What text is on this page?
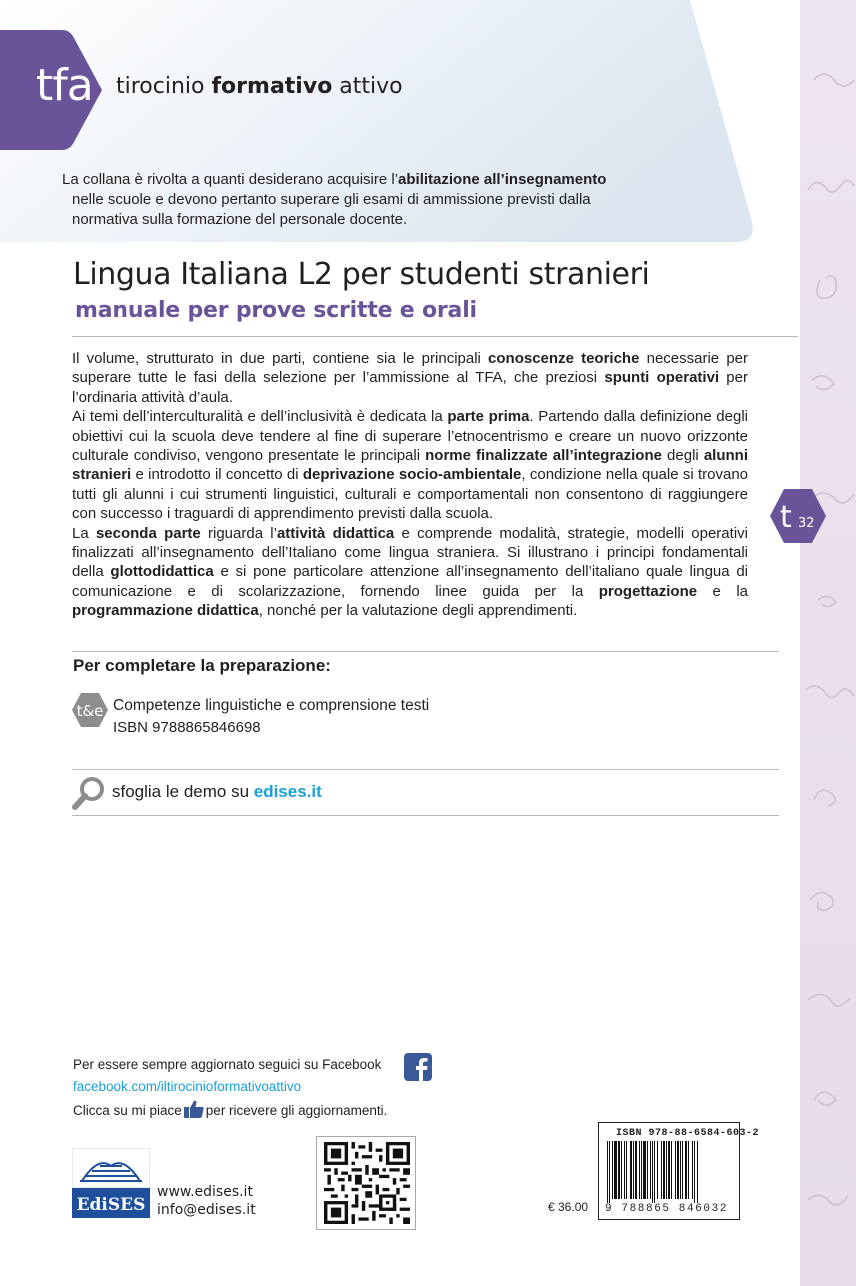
tfa tirocinio formativo attivo
La collana è rivolta a quanti desiderano acquisire l’abilitazione all’insegnamento
nelle scuole e devono pertanto superare gli esami di ammissione previsti dalla
normativa sulla formazione del personale docente.
Lingua Italiana L2 per studenti stranieri
manuale per prove scritte e orali

Il volume, strutturato in due parti, contiene sia le principali conoscenze teoriche necessarie per superare tutte le fasi della selezione per l’ammissione al TFA, che preziosi spunti operativi per l’ordinaria attività d’aula.

Ai temi dell’interculturalità e dell’inclusività è dedicata la parte prima. Partendo dalla definizione degli obiettivi cui la scuola deve tendere al fine di superare l’etnocentrismo e creare un nuovo orizzonte culturale condiviso, vengono presentate le principali norme finalizzate all’integrazione degli alunni stranieri e introdotto il concetto di deprivazione socio-ambientale, condizione nella quale si trovano tutti gli alunni i cui strumenti linguistici, culturali e comportamentali non consentono di raggiungere con successo i traguardi di apprendimento previsti dalla scuola.

La seconda parte riguarda l’attività didattica e comprende modalità, strategie, modelli operativi finalizzati all’insegnamento dell’Italiano come lingua straniera. Si illustrano i principi fondamentali della glottodidattica e si pone particolare attenzione all’insegnamento dell’italiano quale lingua di comunicazione e di scolarizzazione, fornendo linee guida per la progettazione e la programmazione didattica, nonché per la valutazione degli apprendimenti.

t 32
Per completare la preparazione:
t&e Competenze linguistiche e comprensione testi
ISBN 9788865846698
sfoglia le demo su edises.it
Per essere sempre aggiornato seguici su Facebook
facebook.com/iltirocinioformativoattivo
Clicca su mi piace per ricevere gli aggiornamenti.
EdiSES
www.edises.it
info@edises.it	€ 36.00
ISBN 978-88-6584-603-2
9 788865 846032
